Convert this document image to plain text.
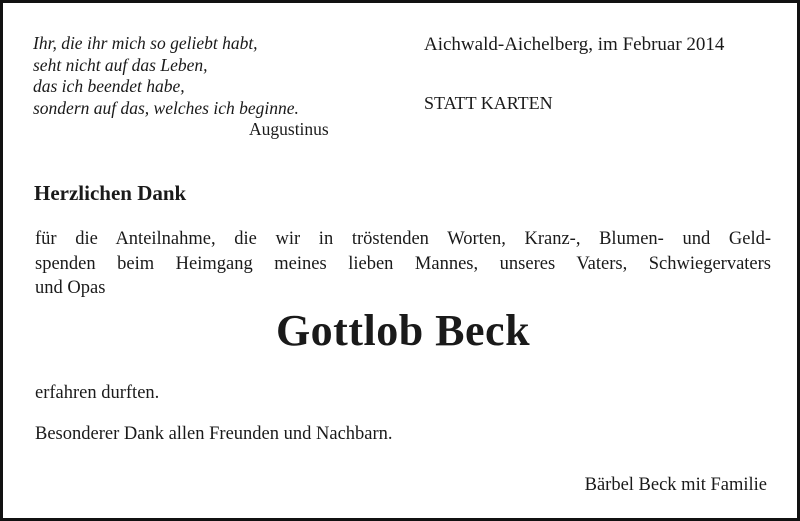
Ihr, die ihr mich so geliebt habt,
seht nicht auf das Leben,
das ich beendet habe,
sondern auf das, welches ich beginne.
Augustinus
Aichwald-Aichelberg, im Februar 2014
STATT KARTEN
Herzlichen Dank
für die Anteilnahme, die wir in tröstenden Worten, Kranz-, Blumen- und Geld-
spenden beim Heimgang meines lieben Mannes, unseres Vaters, Schwiegervaters
und Opas
Gottlob Beck
erfahren durften.
Besonderer Dank allen Freunden und Nachbarn.
Bärbel Beck mit Familie
